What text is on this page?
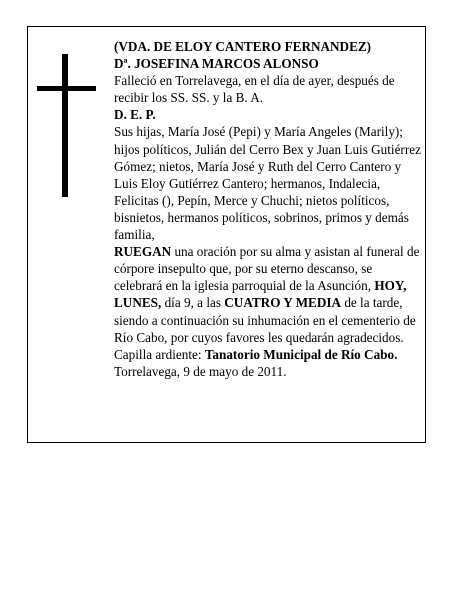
(VDA. DE ELOY CANTERO FERNANDEZ)

Dª. JOSEFINA MARCOS ALONSO

Falleció en Torrelavega, en el día de ayer, después de recibir los SS. SS. y la B. A.

D. E. P.

Sus hijas, María José (Pepi) y María Angeles (Marily); hijos políticos, Julián del Cerro Bex y Juan Luis Gutiérrez Gómez; nietos, María José y Ruth del Cerro Cantero y Luis Eloy Gutiérrez Cantero; hermanos, Indalecia, Felicitas (), Pepín, Merce y Chuchi; nietos políticos, bisnietos, hermanos políticos, sobrinos, primos y demás familia,

RUEGAN una oración por su alma y asistan al funeral de córpore insepulto que, por su eterno descanso, se celebrará en la iglesia parroquial de la Asunción, HOY, LUNES, día 9, a las CUATRO Y MEDIA de la tarde, siendo a continuación su inhumación en el cementerio de Río Cabo, por cuyos favores les quedarán agradecidos. Capilla ardiente: Tanatorio Municipal de Río Cabo.

Torrelavega, 9 de mayo de 2011.
